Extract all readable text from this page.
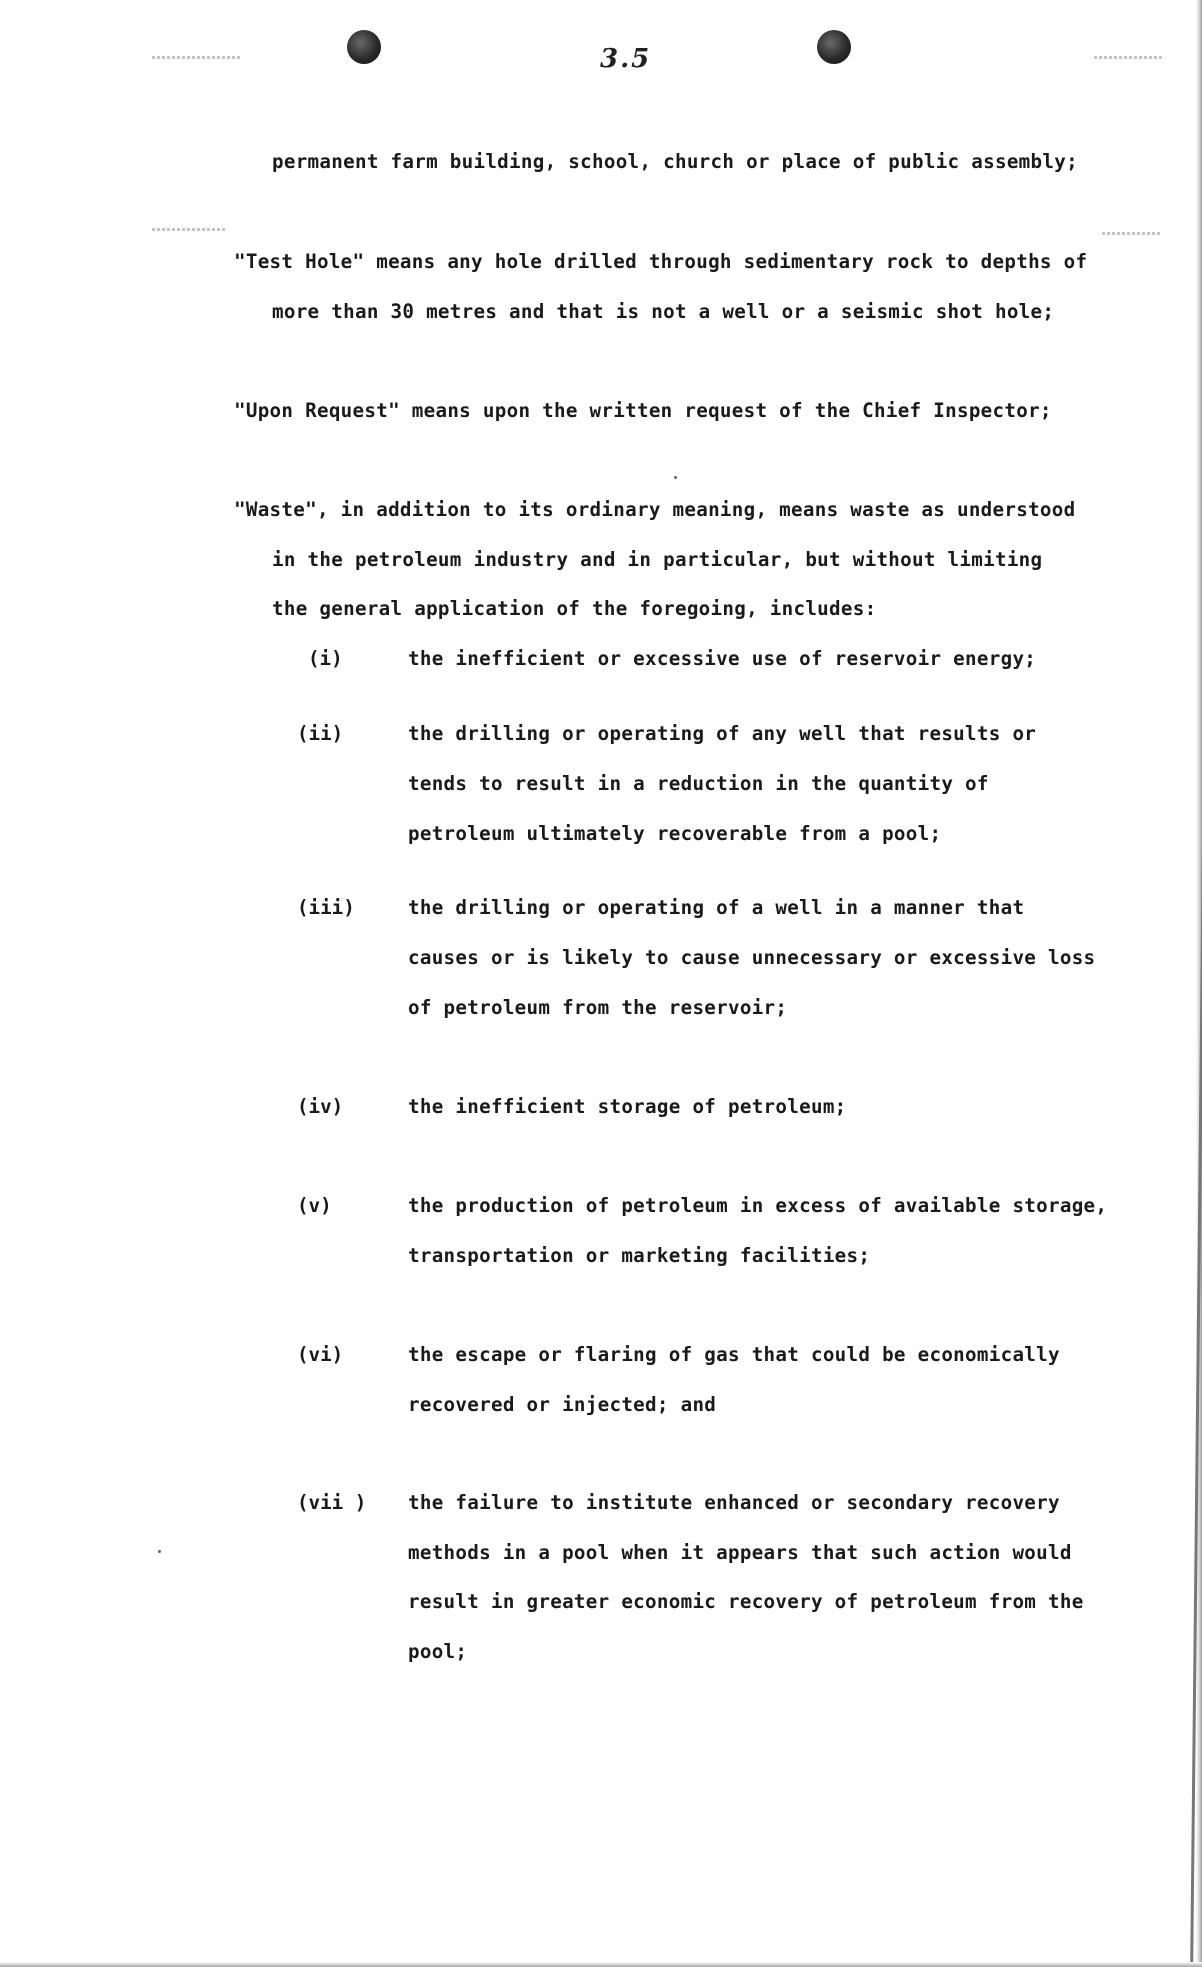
3.5
permanent farm building, school, church or place of public assembly;
"Test Hole" means any hole drilled through sedimentary rock to depths of
more than 30 metres and that is not a well or a seismic shot hole;
"Upon Request" means upon the written request of the Chief Inspector;
"Waste", in addition to its ordinary meaning, means waste as understood
in the petroleum industry and in particular, but without limiting
the general application of the foregoing, includes:
(i)	the inefficient or excessive use of reservoir energy;
(ii)	the drilling or operating of any well that results or
tends to result in a reduction in the quantity of
petroleum ultimately recoverable from a pool;
(iii)	the drilling or operating of a well in a manner that
causes or is likely to cause unnecessary or excessive loss
of petroleum from the reservoir;
(iv)	the inefficient storage of petroleum;
(v)	the production of petroleum in excess of available storage,
transportation or marketing facilities;
(vi)	the escape or flaring of gas that could be economically
recovered or injected; and
(vii ) the failure to institute enhanced or secondary recovery
methods in a pool when it appears that such action would
result in greater economic recovery of petroleum from the
pool;
